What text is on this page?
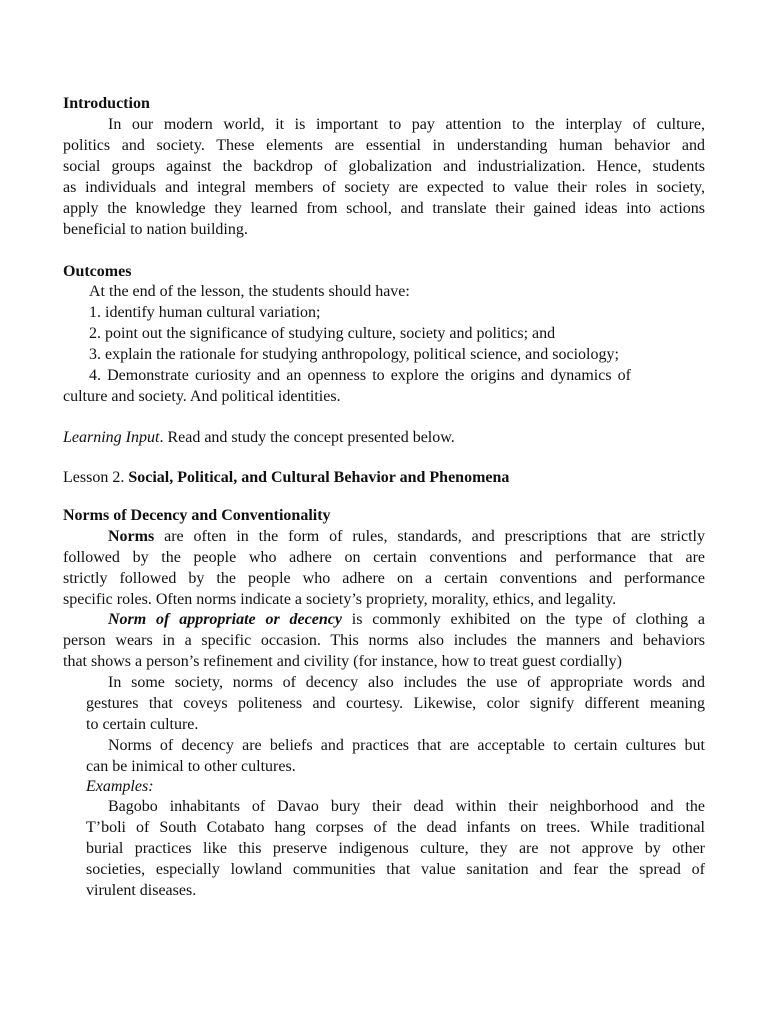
Introduction
In our modern world, it is important to pay attention to the interplay of culture,
politics and society. These elements are essential in understanding human behavior and
social groups against the backdrop of globalization and industrialization. Hence, students
as individuals and integral members of society are expected to value their roles in society,
apply the knowledge they learned from school, and translate their gained ideas into actions
beneficial to nation building.
Outcomes
At the end of the lesson, the students should have:
1. identify human cultural variation;
2. point out the significance of studying culture, society and politics; and
3. explain the rationale for studying anthropology, political science, and sociology;
4. Demonstrate curiosity and an openness to explore the origins and dynamics of
culture and society. And political identities.
Learning Input. Read and study the concept presented below.
Lesson 2. Social, Political, and Cultural Behavior and Phenomena
Norms of Decency and Conventionality
Norms are often in the form of rules, standards, and prescriptions that are strictly
followed by the people who adhere on certain conventions and performance that are
strictly followed by the people who adhere on a certain conventions and performance
specific roles. Often norms indicate a society’s propriety, morality, ethics, and legality.
Norm of appropriate or decency is commonly exhibited on the type of clothing a
person wears in a specific occasion. This norms also includes the manners and behaviors
that shows a person’s refinement and civility (for instance, how to treat guest cordially)
In some society, norms of decency also includes the use of appropriate words and
gestures that coveys politeness and courtesy. Likewise, color signify different meaning
to certain culture.
Norms of decency are beliefs and practices that are acceptable to certain cultures but
can be inimical to other cultures.
Examples:
Bagobo inhabitants of Davao bury their dead within their neighborhood and the
T’boli of South Cotabato hang corpses of the dead infants on trees. While traditional
burial practices like this preserve indigenous culture, they are not approve by other
societies, especially lowland communities that value sanitation and fear the spread of
virulent diseases.
